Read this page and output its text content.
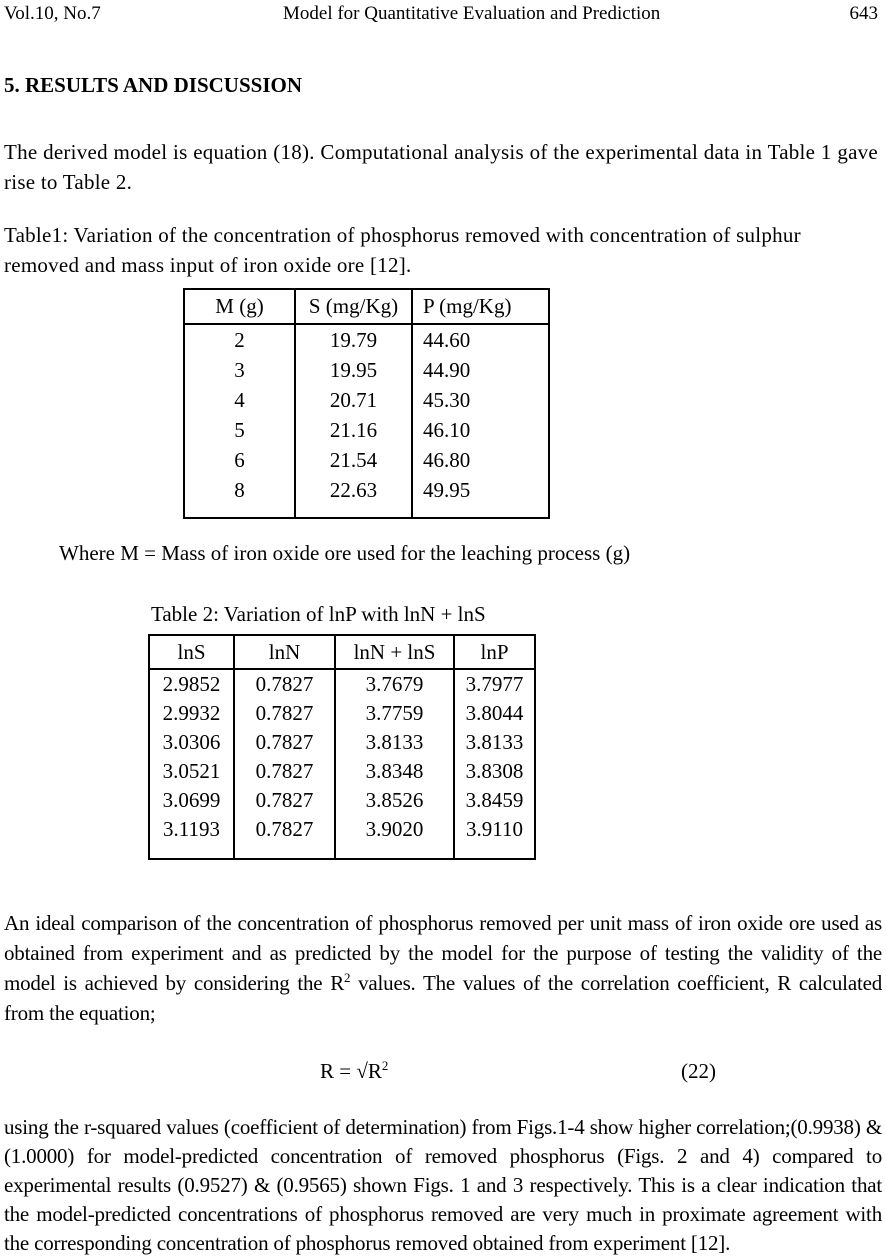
Vol.10, No.7	Model for Quantitative Evaluation and Prediction	643
5. RESULTS AND DISCUSSION

The derived model is equation (18). Computational analysis of the experimental data in Table 1 gave rise to Table 2.

Table1: Variation of the concentration of phosphorus removed with concentration of sulphur removed and mass input of iron oxide ore [12].

M (g)	S (mg/Kg)	P (mg/Kg)
2	19.79	44.60
3	19.95	44.90
4	20.71	45.30
5	21.16	46.10
6	21.54	46.80
8	22.63	49.95
Where M = Mass of iron oxide ore used for the leaching process (g)
Table 2: Variation of lnP with lnN + lnS
lnS	lnN	lnN + lnS	lnP
2.9852	0.7827	3.7679	3.7977
2.9932	0.7827	3.7759	3.8044
3.0306	0.7827	3.8133	3.8133
3.0521	0.7827	3.8348	3.8308
3.0699	0.7827	3.8526	3.8459
3.1193	0.7827	3.9020	3.9110

An ideal comparison of the concentration of phosphorus removed per unit mass of iron oxide ore used as obtained from experiment and as predicted by the model for the purpose of testing the validity of the model is achieved by considering the $R^2$ values. The values of the correlation coefficient, R calculated from the equation;

$R = √R^2$	(22)

using the r-squared values (coefficient of determination) from Figs.1-4 show higher correlation;(0.9938) & (1.0000) for model-predicted concentration of removed phosphorus (Figs. 2 and 4) compared to experimental results (0.9527) & (0.9565) shown Figs. 1 and 3 respectively. This is a clear indication that the model-predicted concentrations of phosphorus removed are very much in proximate agreement with the corresponding concentration of phosphorus removed obtained from experiment [12].
